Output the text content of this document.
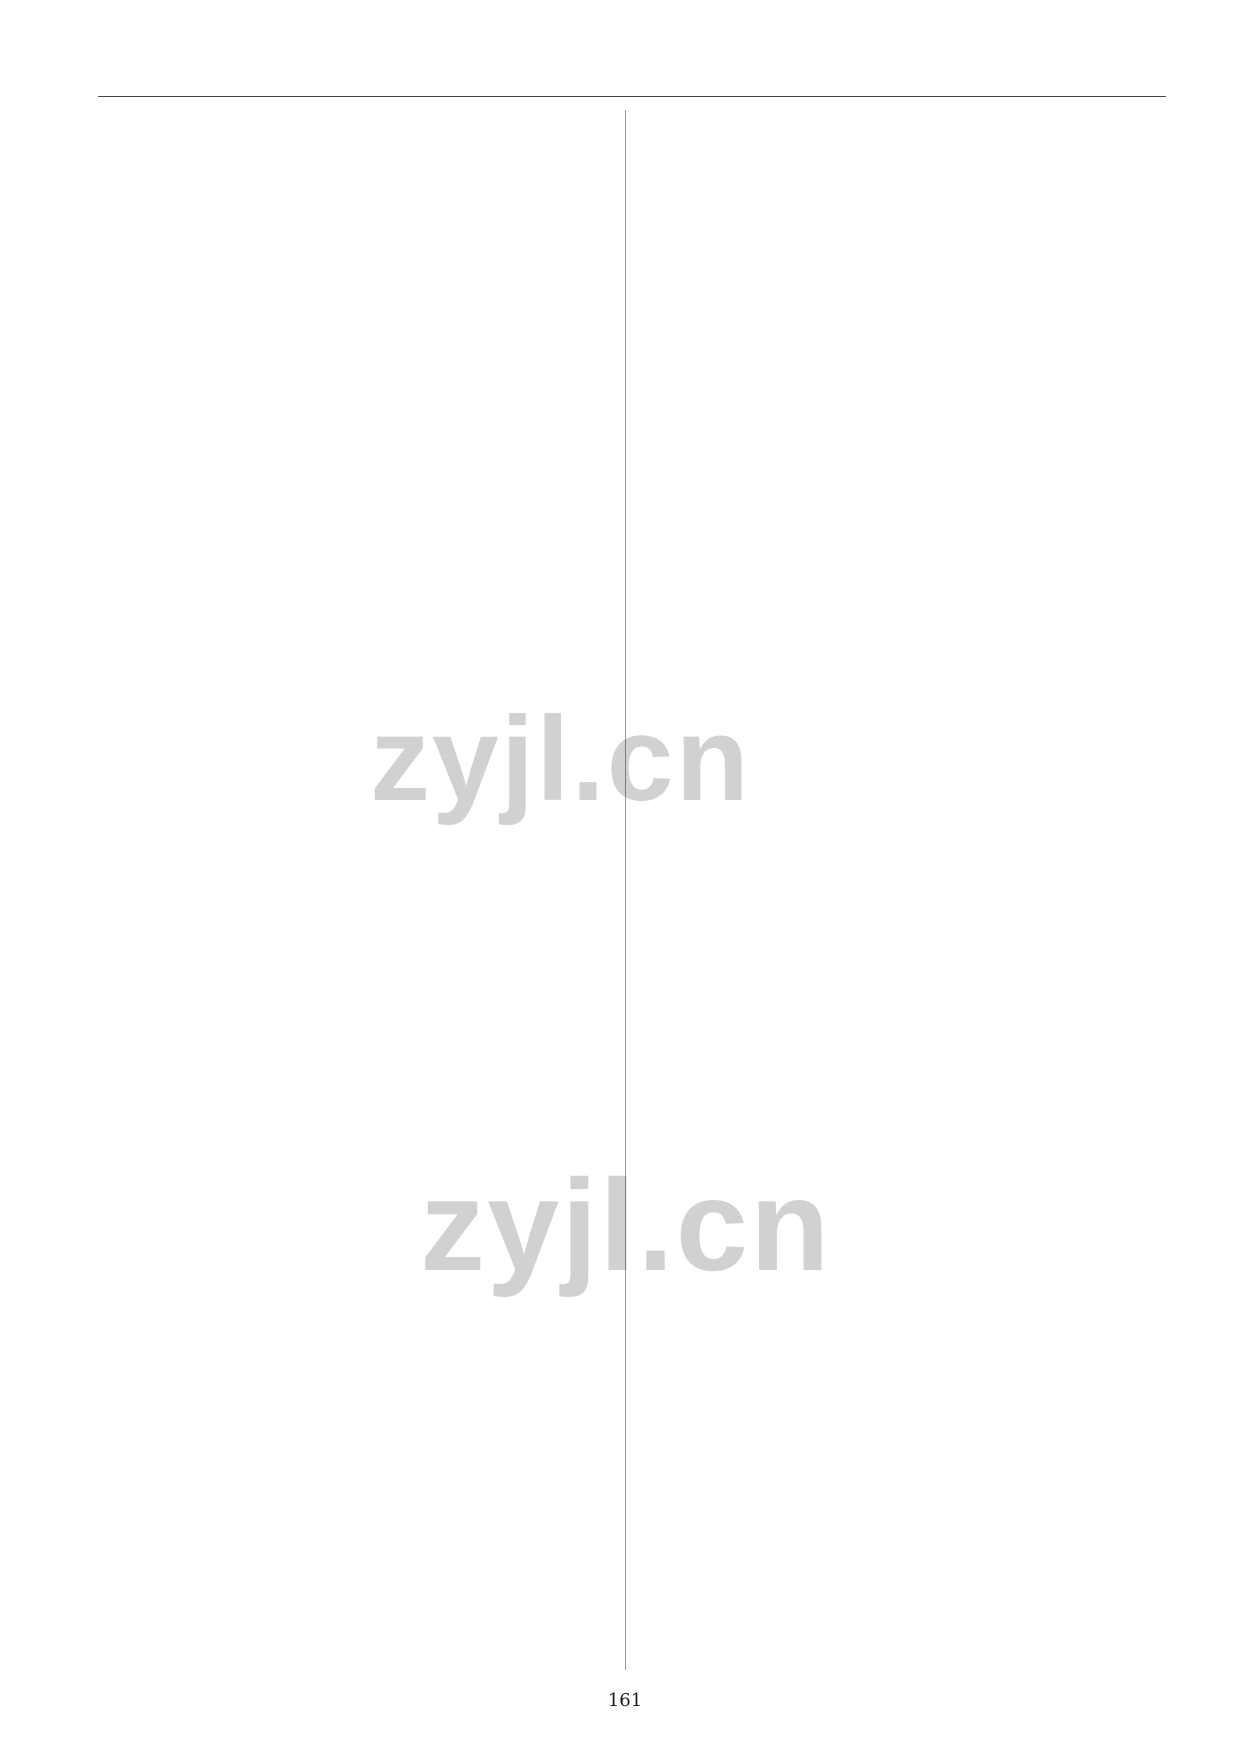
zyjl.cn
zyjl.cn
161
